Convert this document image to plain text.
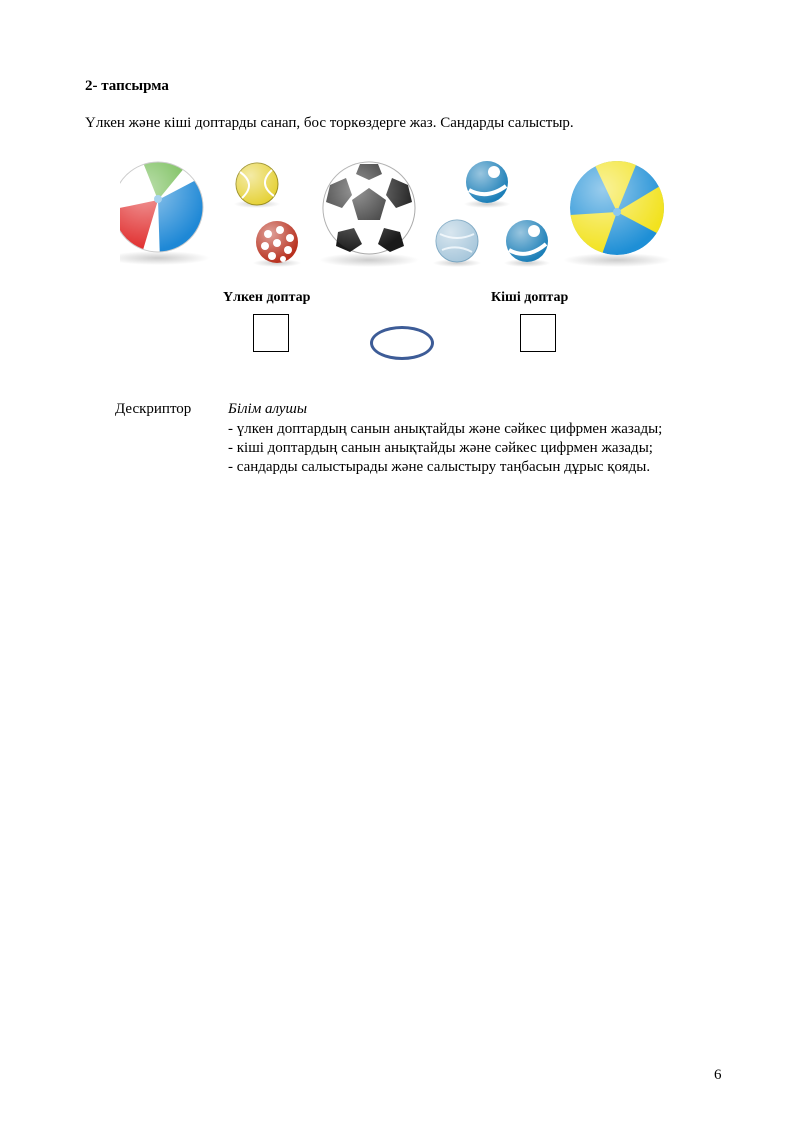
2- тапсырма
Үлкен және кіші доптарды санап, бос торкөздерге жаз. Сандарды салыстыр.
Үлкен доптар	Кіші доптар
Дескриптор Білім алушы
- үлкен доптардың санын анықтайды және сәйкес цифрмен жазады;
- кіші доптардың санын анықтайды және сәйкес цифрмен жазады;
- сандарды салыстырады және салыстыру таңбасын дұрыс қояды.
6
